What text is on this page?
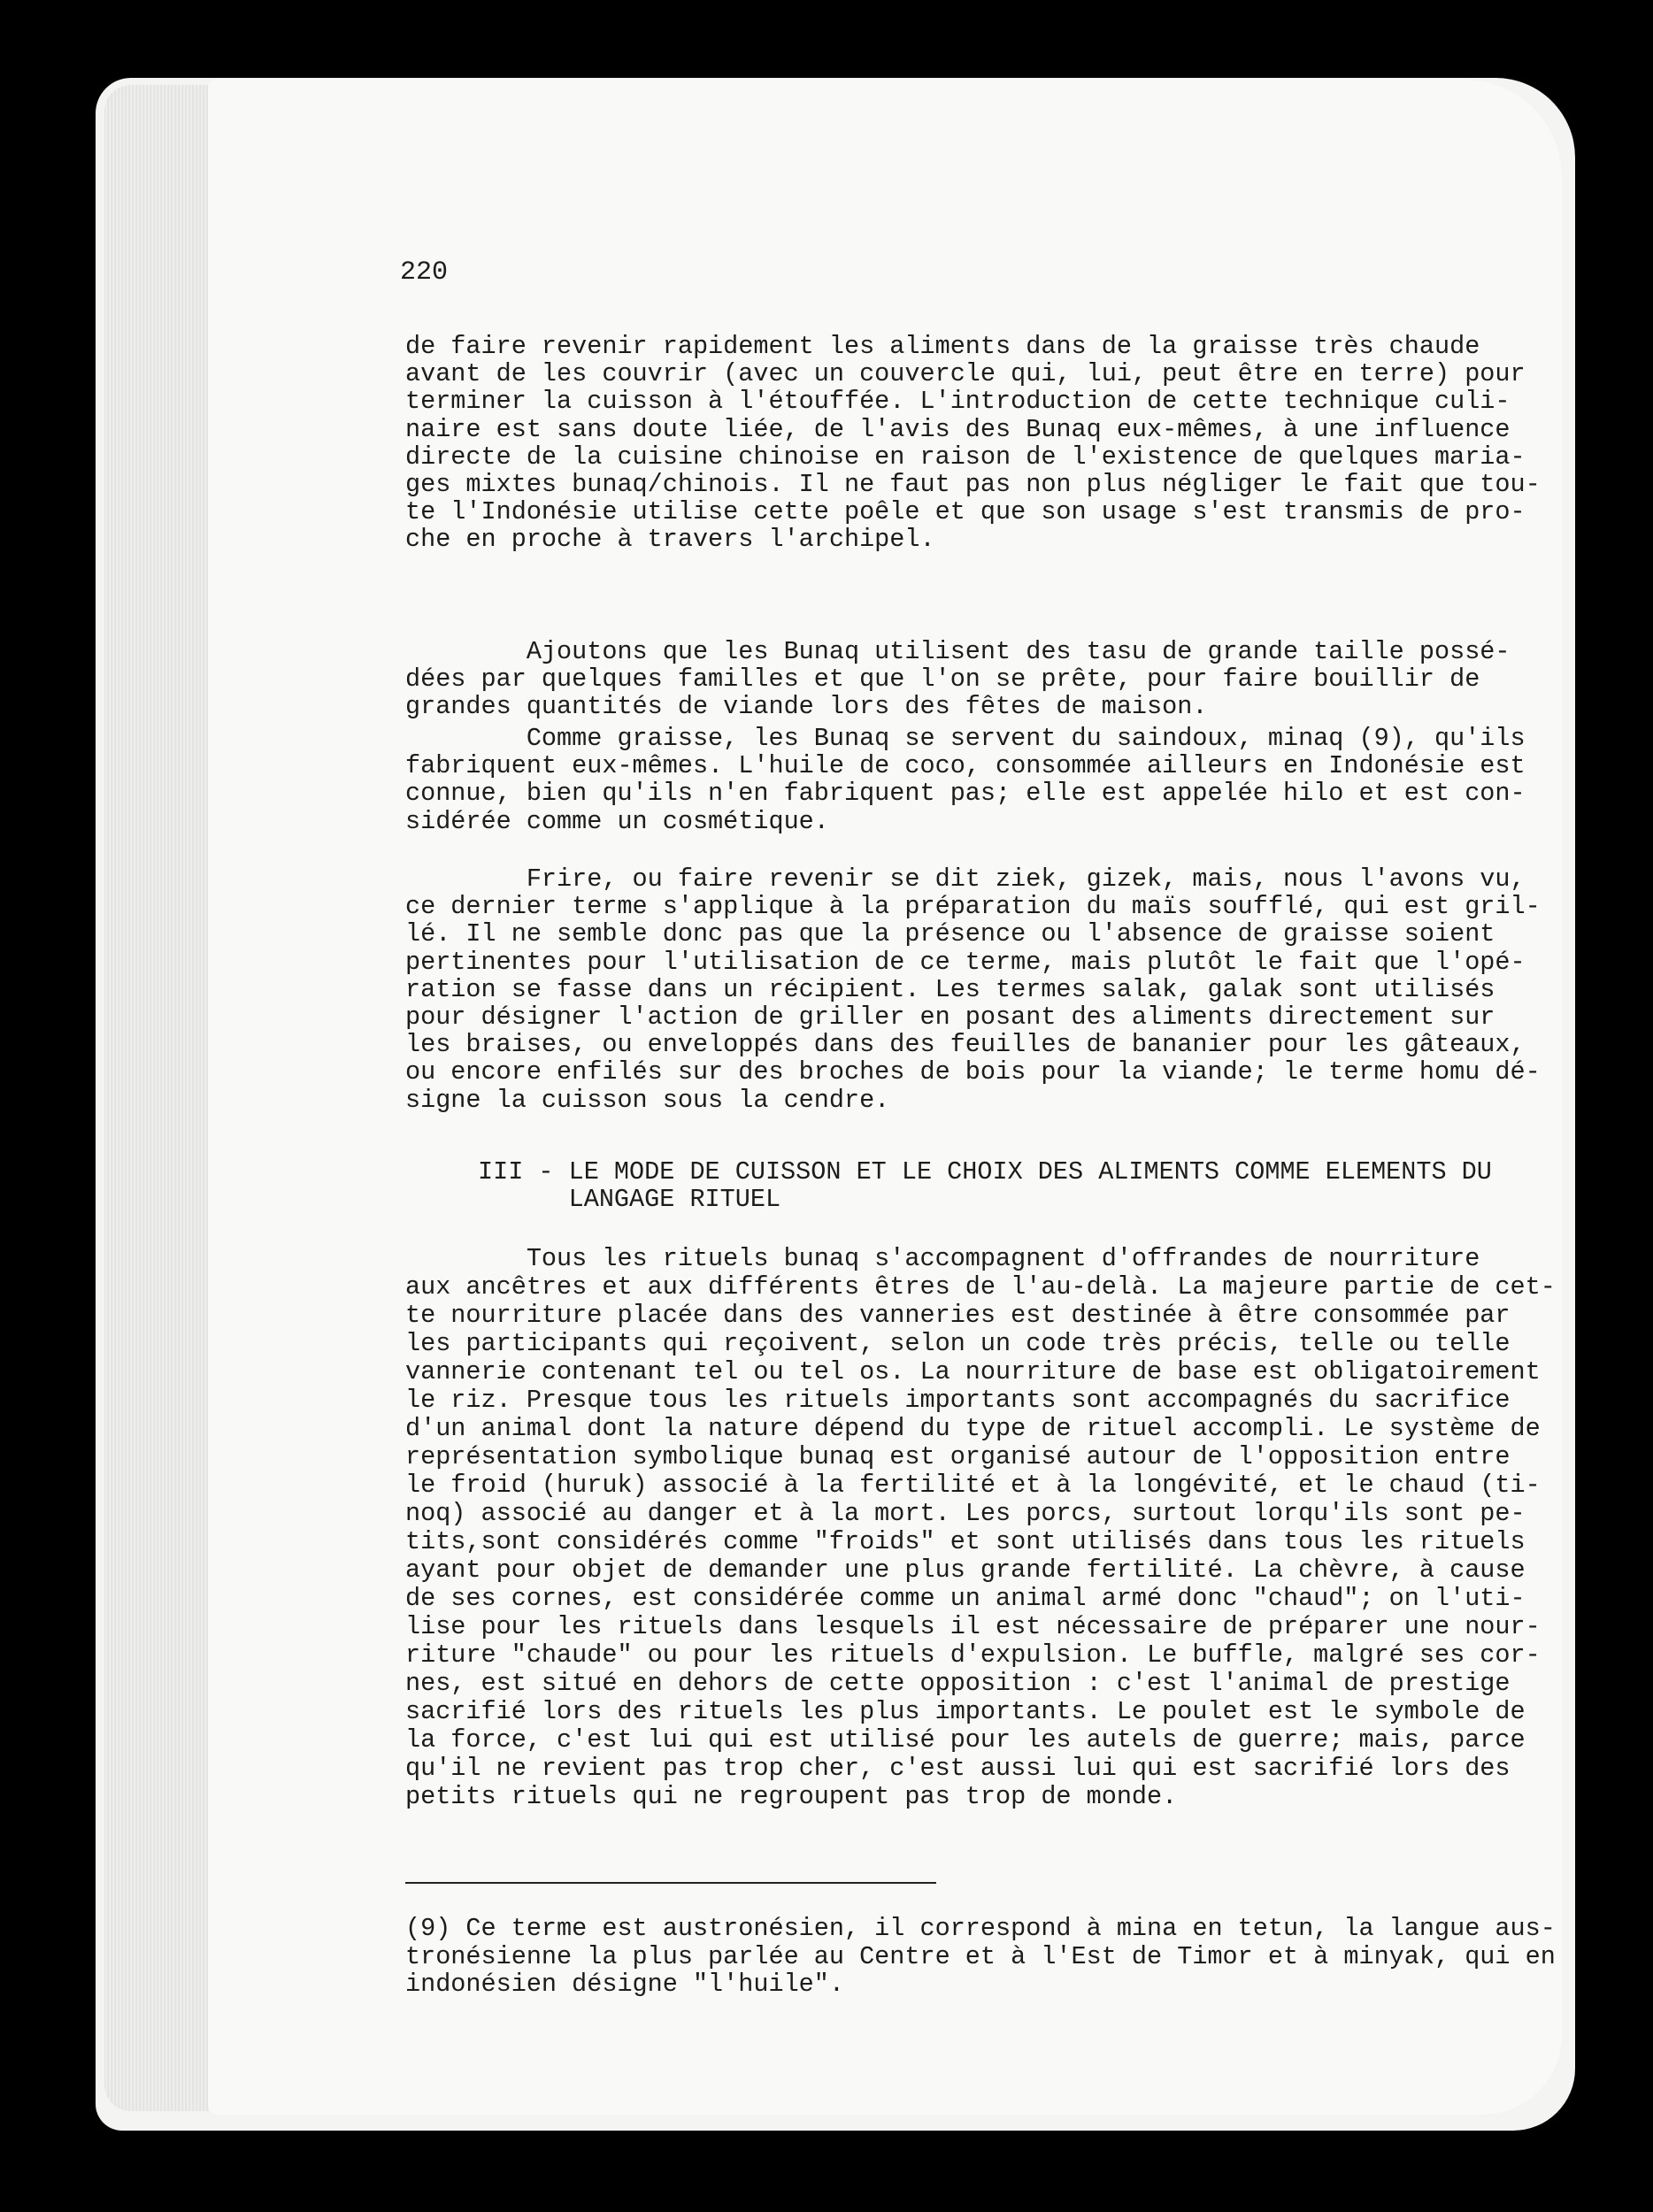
220
de faire revenir rapidement les aliments dans de la graisse très chaude
avant de les couvrir (avec un couvercle qui, lui, peut être en terre) pour
terminer la cuisson à l'étouffée. L'introduction de cette technique culi-
naire est sans doute liée, de l'avis des Bunaq eux-mêmes, à une influence
directe de la cuisine chinoise en raison de l'existence de quelques maria-
ges mixtes bunaq/chinois. Il ne faut pas non plus négliger le fait que tou-
te l'Indonésie utilise cette poêle et que son usage s'est transmis de pro-
che en proche à travers l'archipel.
Ajoutons que les Bunaq utilisent des tasu de grande taille possé-
dées par quelques familles et que l'on se prête, pour faire bouillir de
grandes quantités de viande lors des fêtes de maison.
Comme graisse, les Bunaq se servent du saindoux, minaq (9), qu'ils
fabriquent eux-mêmes. L'huile de coco, consommée ailleurs en Indonésie est
connue, bien qu'ils n'en fabriquent pas; elle est appelée hilo et est con-
sidérée comme un cosmétique.
Frire, ou faire revenir se dit ziek, gizek, mais, nous l'avons vu,
ce dernier terme s'applique à la préparation du maïs soufflé, qui est gril-
lé. Il ne semble donc pas que la présence ou l'absence de graisse soient
pertinentes pour l'utilisation de ce terme, mais plutôt le fait que l'opé-
ration se fasse dans un récipient. Les termes salak, galak sont utilisés
pour désigner l'action de griller en posant des aliments directement sur
les braises, ou enveloppés dans des feuilles de bananier pour les gâteaux,
ou encore enfilés sur des broches de bois pour la viande; le terme homu dé-
signe la cuisson sous la cendre.
III - LE MODE DE CUISSON ET LE CHOIX DES ALIMENTS COMME ELEMENTS DU
LANGAGE RITUEL
Tous les rituels bunaq s'accompagnent d'offrandes de nourriture
aux ancêtres et aux différents êtres de l'au-delà. La majeure partie de cet-
te nourriture placée dans des vanneries est destinée à être consommée par
les participants qui reçoivent, selon un code très précis, telle ou telle
vannerie contenant tel ou tel os. La nourriture de base est obligatoirement
le riz. Presque tous les rituels importants sont accompagnés du sacrifice
d'un animal dont la nature dépend du type de rituel accompli. Le système de
représentation symbolique bunaq est organisé autour de l'opposition entre
le froid (huruk) associé à la fertilité et à la longévité, et le chaud (ti-
noq) associé au danger et à la mort. Les porcs, surtout lorqu'ils sont pe-
tits,sont considérés comme "froids" et sont utilisés dans tous les rituels
ayant pour objet de demander une plus grande fertilité. La chèvre, à cause
de ses cornes, est considérée comme un animal armé donc "chaud"; on l'uti-
lise pour les rituels dans lesquels il est nécessaire de préparer une nour-
riture "chaude" ou pour les rituels d'expulsion. Le buffle, malgré ses cor-
nes, est situé en dehors de cette opposition : c'est l'animal de prestige
sacrifié lors des rituels les plus importants. Le poulet est le symbole de
la force, c'est lui qui est utilisé pour les autels de guerre; mais, parce
qu'il ne revient pas trop cher, c'est aussi lui qui est sacrifié lors des
petits rituels qui ne regroupent pas trop de monde.
(9) Ce terme est austronésien, il correspond à mina en tetun, la langue aus-
tronésienne la plus parlée au Centre et à l'Est de Timor et à minyak, qui en
indonésien désigne "l'huile".
